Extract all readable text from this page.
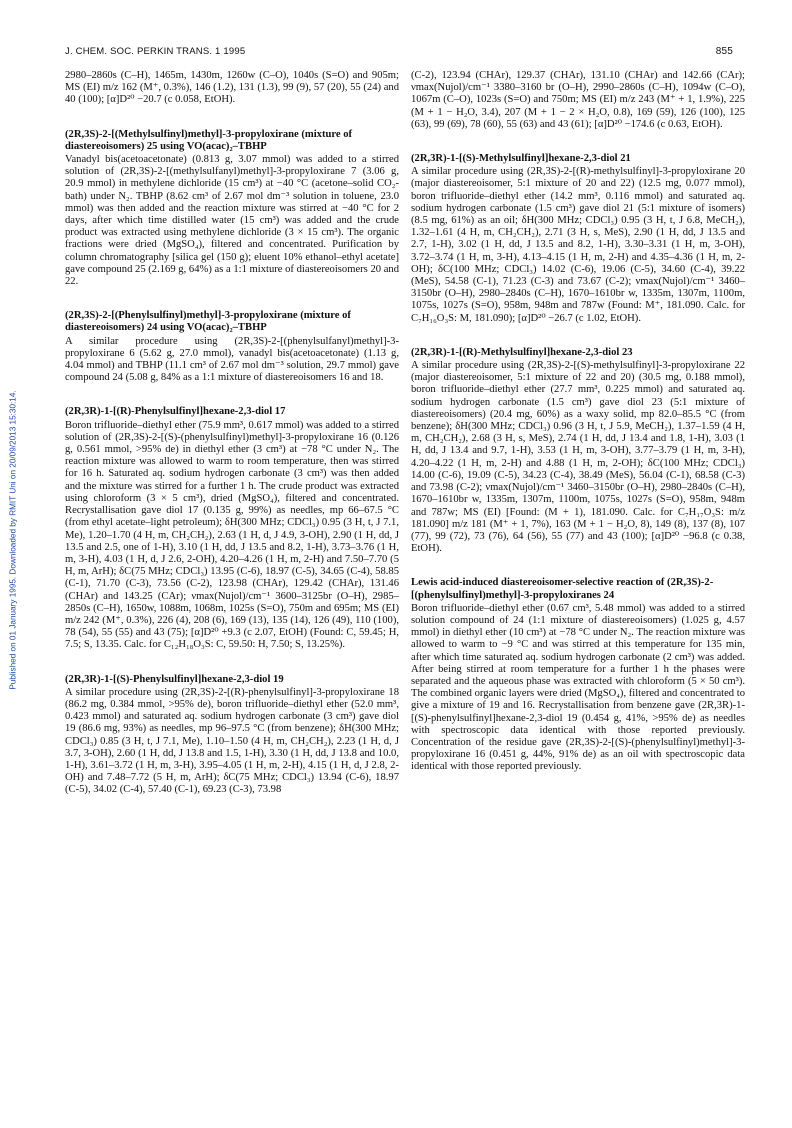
J. CHEM. SOC. PERKIN TRANS. 1 1995	855
Published on 01 January 1995. Downloaded by RMIT Uni on 20/09/2013 15:30:14.

2980–2860s (C–H), 1465m, 1430m, 1260w (C–O), 1040s (S=O) and 905m; MS (EI) m/z 162 (M⁺, 0.3%), 146 (1.2), 131 (1.3), 99 (9), 57 (20), 55 (24) and 40 (100); [α]D²⁰ −20.7 (c 0.058, EtOH).

(2R,3S)-2-[(Methylsulfinyl)methyl]-3-propyloxirane (mixture of diastereoisomers) 25 using VO(acac)₂–TBHP

Vanadyl bis(acetoacetonate) (0.813 g, 3.07 mmol) was added to a stirred solution of (2R,3S)-2-[(methylsulfanyl)methyl]-3-propyloxirane 7 (3.06 g, 20.9 mmol) in methylene dichloride (15 cm³) at −40 °C (acetone–solid CO₂-bath) under N₂. TBHP (8.62 cm³ of 2.67 mol dm⁻³ solution in toluene, 23.0 mmol) was then added and the reaction mixture was stirred at −40 °C for 2 days, after which time distilled water (15 cm³) was added and the crude product was extracted using methylene dichloride (3 × 15 cm³). The organic fractions were dried (MgSO₄), filtered and concentrated. Purification by column chromatography [silica gel (150 g); eluent 10% ethanol–ethyl acetate] gave compound 25 (2.169 g, 64%) as a 1:1 mixture of diastereoisomers 20 and 22.

(2R,3S)-2-[(Phenylsulfinyl)methyl]-3-propyloxirane (mixture of diastereoisomers) 24 using VO(acac)₂–TBHP

A similar procedure using (2R,3S)-2-[(phenylsulfanyl)methyl]-3-propyloxirane 6 (5.62 g, 27.0 mmol), vanadyl bis(acetoacetonate) (1.13 g, 4.04 mmol) and TBHP (11.1 cm³ of 2.67 mol dm⁻³ solution, 29.7 mmol) gave compound 24 (5.08 g, 84% as a 1:1 mixture of diastereoisomers 16 and 18.

(2R,3R)-1-[(R)-Phenylsulfinyl]hexane-2,3-diol 17

Boron trifluoride–diethyl ether (75.9 mm³, 0.617 mmol) was added to a stirred solution of (2R,3S)-2-[(S)-(phenylsulfinyl)methyl]-3-propyloxirane 16 (0.126 g, 0.561 mmol, >95% de) in diethyl ether (3 cm³) at −78 °C under N₂. The reaction mixture was allowed to warm to room temperature, then was stirred for 16 h. Saturated aq. sodium hydrogen carbonate (3 cm³) was then added and the mixture was stirred for a further 1 h. The crude product was extracted using chloroform (3 × 5 cm³), dried (MgSO₄), filtered and concentrated. Recrystallisation gave diol 17 (0.135 g, 99%) as needles, mp 66–67.5 °C (from ethyl acetate–light petroleum); δH(300 MHz; CDCl₃) 0.95 (3 H, t, J 7.1, Me), 1.20–1.70 (4 H, m, CH₂CH₂), 2.63 (1 H, d, J 4.9, 3-OH), 2.90 (1 H, dd, J 13.5 and 2.5, one of 1-H), 3.10 (1 H, dd, J 13.5 and 8.2, 1-H), 3.73–3.76 (1 H, m, 3-H), 4.03 (1 H, d, J 2.6, 2-OH), 4.20–4.26 (1 H, m, 2-H) and 7.50–7.70 (5 H, m, ArH); δC(75 MHz; CDCl₃) 13.95 (C-6), 18.97 (C-5), 34.65 (C-4), 58.85 (C-1), 71.70 (C-3), 73.56 (C-2), 123.98 (CHAr), 129.42 (CHAr), 131.46 (CHAr) and 143.25 (CAr); νmax(Nujol)/cm⁻¹ 3600–3125br (O–H), 2985–2850s (C–H), 1650w, 1088m, 1068m, 1025s (S=O), 750m and 695m; MS (EI) m/z 242 (M⁺, 0.3%), 226 (4), 208 (6), 169 (13), 135 (14), 126 (49), 110 (100), 78 (54), 55 (55) and 43 (75); [α]D²⁰ +9.3 (c 2.07, EtOH) (Found: C, 59.45; H, 7.5; S, 13.35. Calc. for C₁₂H₁₈O₃S: C, 59.50: H, 7.50; S, 13.25%).

(2R,3R)-1-[(S)-Phenylsulfinyl]hexane-2,3-diol 19

A similar procedure using (2R,3S)-2-[(R)-phenylsulfinyl]-3-propyloxirane 18 (86.2 mg, 0.384 mmol, >95% de), boron trifluoride–diethyl ether (52.0 mm³, 0.423 mmol) and saturated aq. sodium hydrogen carbonate (3 cm³) gave diol 19 (86.6 mg, 93%) as needles, mp 96–97.5 °C (from benzene); δH(300 MHz; CDCl₃) 0.85 (3 H, t, J 7.1, Me), 1.10–1.50 (4 H, m, CH₂CH₂), 2.23 (1 H, d, J 3.7, 3-OH), 2.60 (1 H, dd, J 13.8 and 1.5, 1-H), 3.30 (1 H, dd, J 13.8 and 10.0, 1-H), 3.61–3.72 (1 H, m, 3-H), 3.95–4.05 (1 H, m, 2-H), 4.15 (1 H, d, J 2.8, 2-OH) and 7.48–7.72 (5 H, m, ArH); δC(75 MHz; CDCl₃) 13.94 (C-6), 18.97 (C-5), 34.02 (C-4), 57.40 (C-1), 69.23 (C-3), 73.98

(C-2), 123.94 (CHAr), 129.37 (CHAr), 131.10 (CHAr) and 142.66 (CAr); νmax(Nujol)/cm⁻¹ 3380–3160 br (O–H), 2990–2860s (C–H), 1094w (C–O), 1067m (C–O), 1023s (S=O) and 750m; MS (EI) m/z 243 (M⁺ + 1, 1.9%), 225 (M + 1 − H₂O, 3.4), 207 (M + 1 − 2 × H₂O, 0.8), 169 (59), 126 (100), 125 (63), 99 (69), 78 (60), 55 (63) and 43 (61); [α]D²⁰ −174.6 (c 0.63, EtOH).

(2R,3R)-1-[(S)-Methylsulfinyl]hexane-2,3-diol 21

A similar procedure using (2R,3S)-2-[(R)-methylsulfinyl]-3-propyloxirane 20 (major diastereoisomer, 5:1 mixture of 20 and 22) (12.5 mg, 0.077 mmol), boron trifluoride–diethyl ether (14.2 mm³, 0.116 mmol) and saturated aq. sodium hydrogen carbonate (1.5 cm³) gave diol 21 (5:1 mixture of isomers) (8.5 mg, 61%) as an oil; δH(300 MHz; CDCl₃) 0.95 (3 H, t, J 6.8, MeCH₂), 1.32–1.61 (4 H, m, CH₂CH₂), 2.71 (3 H, s, MeS), 2.90 (1 H, dd, J 13.5 and 2.7, 1-H), 3.02 (1 H, dd, J 13.5 and 8.2, 1-H), 3.30–3.31 (1 H, m, 3-OH), 3.72–3.74 (1 H, m, 3-H), 4.13–4.15 (1 H, m, 2-H) and 4.35–4.36 (1 H, m, 2-OH); δC(100 MHz; CDCl₃) 14.02 (C-6), 19.06 (C-5), 34.60 (C-4), 39.22 (MeS), 54.58 (C-1), 71.23 (C-3) and 73.67 (C-2); νmax(Nujol)/cm⁻¹ 3460–3150br (O–H), 2980–2840s (C–H), 1670–1610br w, 1335m, 1307m, 1100m, 1075s, 1027s (S=O), 958m, 948m and 787w (Found: M⁺, 181.090. Calc. for C₇H₁₆O₃S: M, 181.090); [α]D²⁰ −26.7 (c 1.02, EtOH).

(2R,3R)-1-[(R)-Methylsulfinyl]hexane-2,3-diol 23

A similar procedure using (2R,3S)-2-[(S)-methylsulfinyl]-3-propyloxirane 22 (major diastereoisomer, 5:1 mixture of 22 and 20) (30.5 mg, 0.188 mmol), boron trifluoride–diethyl ether (27.7 mm³, 0.225 mmol) and saturated aq. sodium hydrogen carbonate (1.5 cm³) gave diol 23 (5:1 mixture of diastereoisomers) (20.4 mg, 60%) as a waxy solid, mp 82.0–85.5 °C (from benzene); δH(300 MHz; CDCl₃) 0.96 (3 H, t, J 5.9, MeCH₂), 1.37–1.59 (4 H, m, CH₂CH₂), 2.68 (3 H, s, MeS), 2.74 (1 H, dd, J 13.4 and 1.8, 1-H), 3.03 (1 H, dd, J 13.4 and 9.7, 1-H), 3.53 (1 H, m, 3-OH), 3.77–3.79 (1 H, m, 3-H), 4.20–4.22 (1 H, m, 2-H) and 4.88 (1 H, m, 2-OH); δC(100 MHz; CDCl₃) 14.00 (C-6), 19.09 (C-5), 34.23 (C-4), 38.49 (MeS), 56.04 (C-1), 68.58 (C-3) and 73.98 (C-2); νmax(Nujol)/cm⁻¹ 3460–3150br (O–H), 2980–2840s (C–H), 1670–1610br w, 1335m, 1307m, 1100m, 1075s, 1027s (S=O), 958m, 948m and 787w; MS (EI) [Found: (M + 1), 181.090. Calc. for C₇H₁₇O₃S: m/z 181.090] m/z 181 (M⁺ + 1, 7%), 163 (M + 1 − H₂O, 8), 149 (8), 137 (8), 107 (77), 99 (72), 73 (76), 64 (56), 55 (77) and 43 (100); [α]D²⁰ −96.8 (c 0.38, EtOH).

Lewis acid-induced diastereoisomer-selective reaction of (2R,3S)-2-[(phenylsulfinyl)methyl]-3-propyloxiranes 24

Boron trifluoride–diethyl ether (0.67 cm³, 5.48 mmol) was added to a stirred solution compound of 24 (1:1 mixture of diastereoisomers) (1.025 g, 4.57 mmol) in diethyl ether (10 cm³) at −78 °C under N₂. The reaction mixture was allowed to warm to −9 °C and was stirred at this temperature for 135 min, after which time saturated aq. sodium hydrogen carbonate (2 cm³) was added. After being stirred at room temperature for a further 1 h the phases were separated and the aqueous phase was extracted with chloroform (5 × 50 cm³). The combined organic layers were dried (MgSO₄), filtered and concentrated to give a mixture of 19 and 16. Recrystallisation from benzene gave (2R,3R)-1-[(S)-phenylsulfinyl]hexane-2,3-diol 19 (0.454 g, 41%, >95% de) as needles with spectroscopic data identical with those reported previously. Concentration of the residue gave (2R,3S)-2-[(S)-(phenylsulfinyl)methyl]-3-propyloxirane 16 (0.451 g, 44%, 91% de) as an oil with spectroscopic data identical with those reported previously.
